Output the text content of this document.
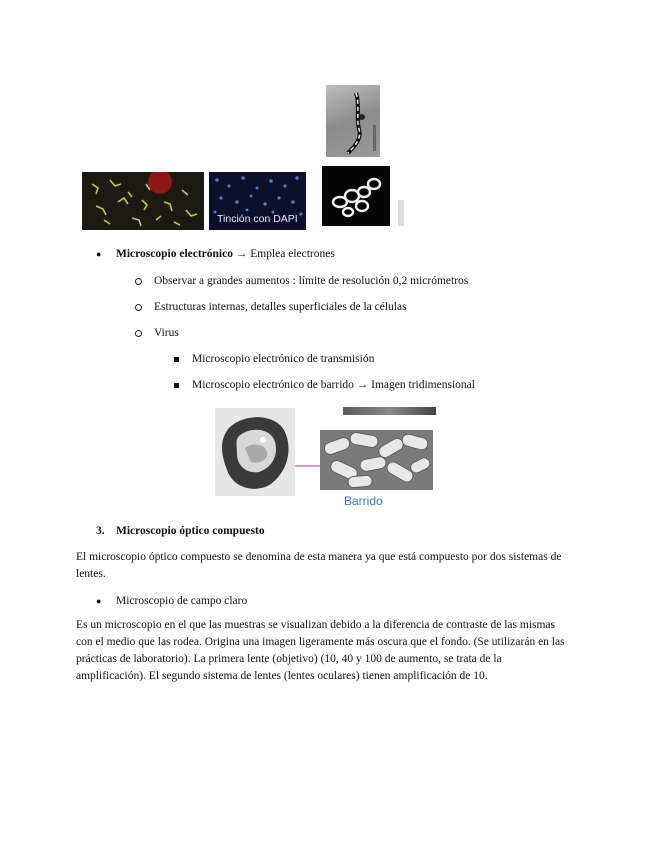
Tinción con DAPI
● Microscopio electrónico → Emplea electrones
Observar a grandes aumentos : límite de resolución 0,2 micrómetros
Estructuras internas, detalles superficiales de la células
Virus
Microscopio electrónico de transmisión
Microscopio electrónico de barrido → Imagen tridimensional
Barrido
3. Microscopio óptico compuesto

El microscopio óptico compuesto se denomina de esta manera ya que está compuesto por dos sistemas de

lentes.

● Microscopio de campo claro

Es un microscopio en el que las muestras se visualizan debido a la diferencia de contraste de las mismas

con el medio que las rodea. Origina una imagen ligeramente más oscura que el fondo. (Se utilizarán en las

prácticas de laboratorio). La primera lente (objetivo) (10, 40 y 100 de aumento, se trata de la

amplificación). El segundo sistema de lentes (lentes oculares) tienen amplificación de 10.
